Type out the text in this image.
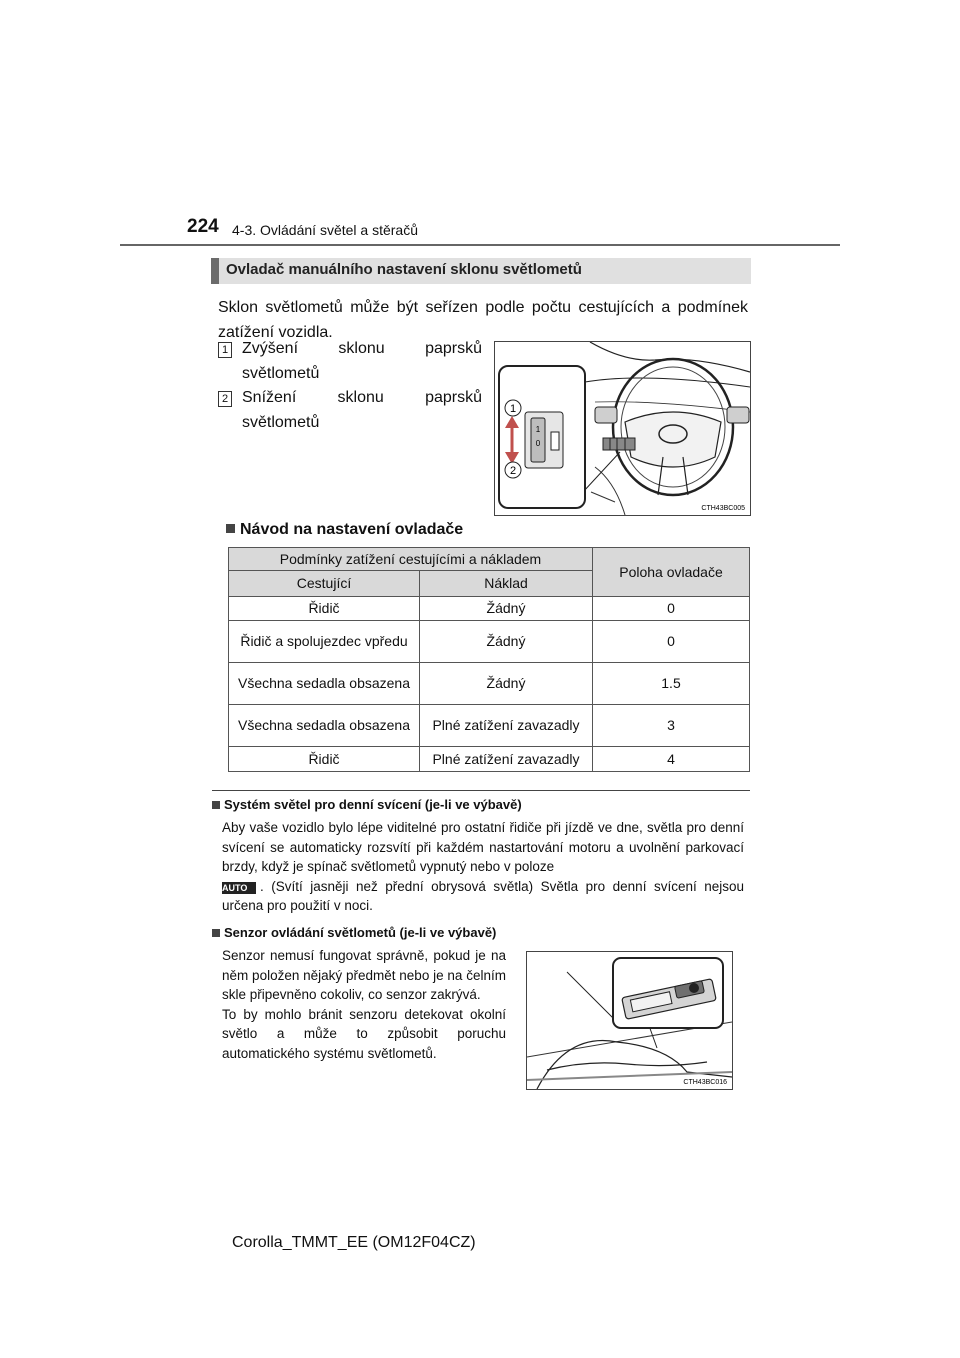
224 4-3. Ovládání světel a stěračů
Ovladač manuálního nastavení sklonu světlometů
Sklon světlometů může být seřízen podle počtu cestujících a podmínek zatížení vozidla.
1 Zvýšení sklonu paprsků světlometů
2 Snížení sklonu paprsků světlometů
1
2
1
0
CTH43BC005
Návod na nastavení ovladače
Podmínky zatížení cestujícími a nákladem		Poloha ovladače
Cestující	Náklad	
Řidič	Žádný	0
Řidič a spolujezdec vpředu	Žádný	0
Všechna sedadla obsazena	Žádný	1.5
Všechna sedadla obsazena	Plné zatížení zavazadly	3
Řidič	Plné zatížení zavazadly	4
Systém světel pro denní svícení (je-li ve výbavě)
Aby vaše vozidlo bylo lépe viditelné pro ostatní řidiče při jízdě ve dne, světla pro denní svícení se automaticky rozsvítí při každém nastartování motoru a uvolnění parkovací brzdy, když je spínač světlometů vypnutý nebo v poloze
AUTO . (Svítí jasněji než přední obrysová světla) Světla pro denní svícení nejsou určena pro použití v noci.
Senzor ovládání světlometů (je-li ve výbavě)
Senzor nemusí fungovat správně, pokud je na něm položen nějaký předmět nebo je na čelním skle připevněno cokoliv, co senzor zakrývá.
To by mohlo bránit senzoru detekovat okolní světlo a může to způsobit poruchu automatického systému světlometů.
CTH43BC016
Corolla_TMMT_EE (OM12F04CZ)
